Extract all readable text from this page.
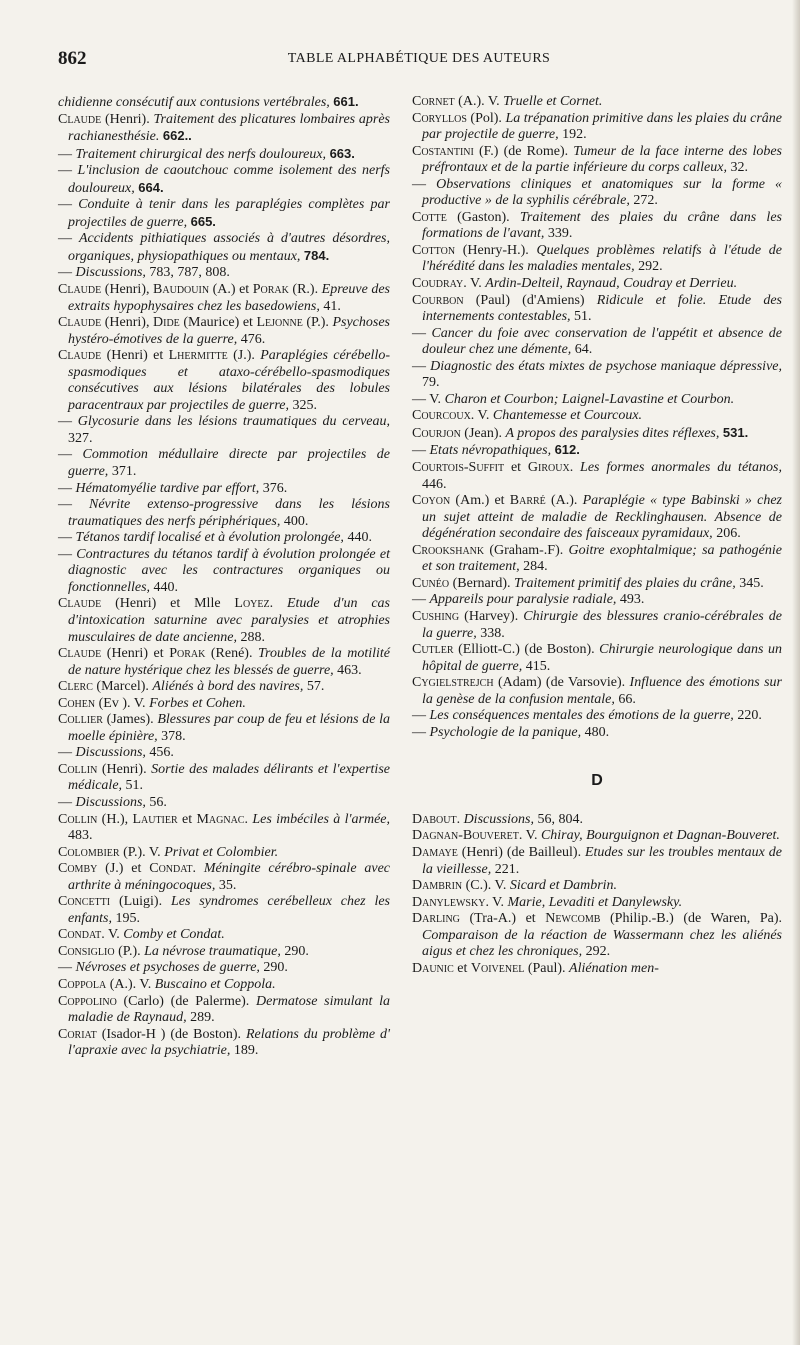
862	TABLE ALPHABÉTIQUE DES AUTEURS

chidienne consécutif aux contusions vertébrales, 661.

Claude (Henri). Traitement des plicatures lombaires après rachianesthésie. 662..

— Traitement chirurgical des nerfs douloureux, 663.

— L'inclusion de caoutchouc comme isolement des nerfs douloureux, 664.

— Conduite à tenir dans les paraplégies complètes par projectiles de guerre, 665.

— Accidents pithiatiques associés à d'autres désordres, organiques, physiopathiques ou mentaux, 784.

— Discussions, 783, 787, 808.

Claude (Henri), Baudouin (A.) et Porak (R.). Epreuve des extraits hypophysaires chez les basedowiens, 41.

Claude (Henri), Dide (Maurice) et Lejonne (P.). Psychoses hystéro-émotives de la guerre, 476.

Claude (Henri) et Lhermitte (J.). Paraplégies cérébello-spasmodiques et ataxo-cérébello-spasmodiques consécutives aux lésions bilatérales des lobules paracentraux par projectiles de guerre, 325.

— Glycosurie dans les lésions traumatiques du cerveau, 327.

— Commotion médullaire directe par projectiles de guerre, 371.

— Hématomyélie tardive par effort, 376.

— Névrite extenso-progressive dans les lésions traumatiques des nerfs périphériques, 400.

— Tétanos tardif localisé et à évolution prolongée, 440.

— Contractures du tétanos tardif à évolution prolongée et diagnostic avec les contractures organiques ou fonctionnelles, 440.

Claude (Henri) et Mlle Loyez. Etude d'un cas d'intoxication saturnine avec paralysies et atrophies musculaires de date ancienne, 288.

Claude (Henri) et Porak (René). Troubles de la motilité de nature hystérique chez les blessés de guerre, 463.

Clerc (Marcel). Aliénés à bord des navires, 57.

Cohen (Ev ). V. Forbes et Cohen.

Collier (James). Blessures par coup de feu et lésions de la moelle épinière, 378.

— Discussions, 456.

Collin (Henri). Sortie des malades délirants et l'expertise médicale, 51.

— Discussions, 56.

Collin (H.), Lautier et Magnac. Les imbéciles à l'armée, 483.

Colombier (P.). V. Privat et Colombier.

Comby (J.) et Condat. Méningite cérébro-spinale avec arthrite à méningocoques, 35.

Concetti (Luigi). Les syndromes cerébelleux chez les enfants, 195.

Condat. V. Comby et Condat.

Consiglio (P.). La névrose traumatique, 290.

— Névroses et psychoses de guerre, 290.

Coppola (A.). V. Buscaino et Coppola.

Coppolino (Carlo) (de Palerme). Dermatose simulant la maladie de Raynaud, 289.

Coriat (Isador-H ) (de Boston). Relations du problème d' l'apraxie avec la psychiatrie, 189.

Cornet (A.). V. Truelle et Cornet.

Coryllos (Pol). La trépanation primitive dans les plaies du crâne par projectile de guerre, 192.

Costantini (F.) (de Rome). Tumeur de la face interne des lobes préfrontaux et de la partie inférieure du corps calleux, 32.

— Observations cliniques et anatomiques sur la forme « productive » de la syphilis cérébrale, 272.

Cotte (Gaston). Traitement des plaies du crâne dans les formations de l'avant, 339.

Cotton (Henry-H.). Quelques problèmes relatifs à l'étude de l'hérédité dans les maladies mentales, 292.

Coudray. V. Ardin-Delteil, Raynaud, Coudray et Derrieu.

Courbon (Paul) (d'Amiens) Ridicule et folie. Etude des internements contestables, 51.

— Cancer du foie avec conservation de l'appétit et absence de douleur chez une démente, 64.

— Diagnostic des états mixtes de psychose maniaque dépressive, 79.

— V. Charon et Courbon; Laignel-Lavastine et Courbon.

Courcoux. V. Chantemesse et Courcoux.

Courjon (Jean). A propos des paralysies dites réflexes, 531.

— Etats névropathiques, 612.

Courtois-Suffit et Giroux. Les formes anormales du tétanos, 446.

Coyon (Am.) et Barré (A.). Paraplégie « type Babinski » chez un sujet atteint de maladie de Recklinghausen. Absence de dégénération secondaire des faisceaux pyramidaux, 206.

Crookshank (Graham-.F). Goitre exophtalmique; sa pathogénie et son traitement, 284.

Cunéo (Bernard). Traitement primitif des plaies du crâne, 345.

— Appareils pour paralysie radiale, 493.

Cushing (Harvey). Chirurgie des blessures cranio-cérébrales de la guerre, 338.

Cutler (Elliott-C.) (de Boston). Chirurgie neurologique dans un hôpital de guerre, 415.

Cygielstrejch (Adam) (de Varsovie). Influence des émotions sur la genèse de la confusion mentale, 66.

— Les conséquences mentales des émotions de la guerre, 220.

— Psychologie de la panique, 480.

D

Dabout. Discussions, 56, 804.

Dagnan-Bouveret. V. Chiray, Bourguignon et Dagnan-Bouveret.

Damaye (Henri) (de Bailleul). Etudes sur les troubles mentaux de la vieillesse, 221.

Dambrin (C.). V. Sicard et Dambrin.

Danylewsky. V. Marie, Levaditi et Danylewsky.

Darling (Tra-A.) et Newcomb (Philip.-B.) (de Waren, Pa). Comparaison de la réaction de Wassermann chez les aliénés aigus et chez les chroniques, 292.

Daunic et Voivenel (Paul). Aliénation men-
